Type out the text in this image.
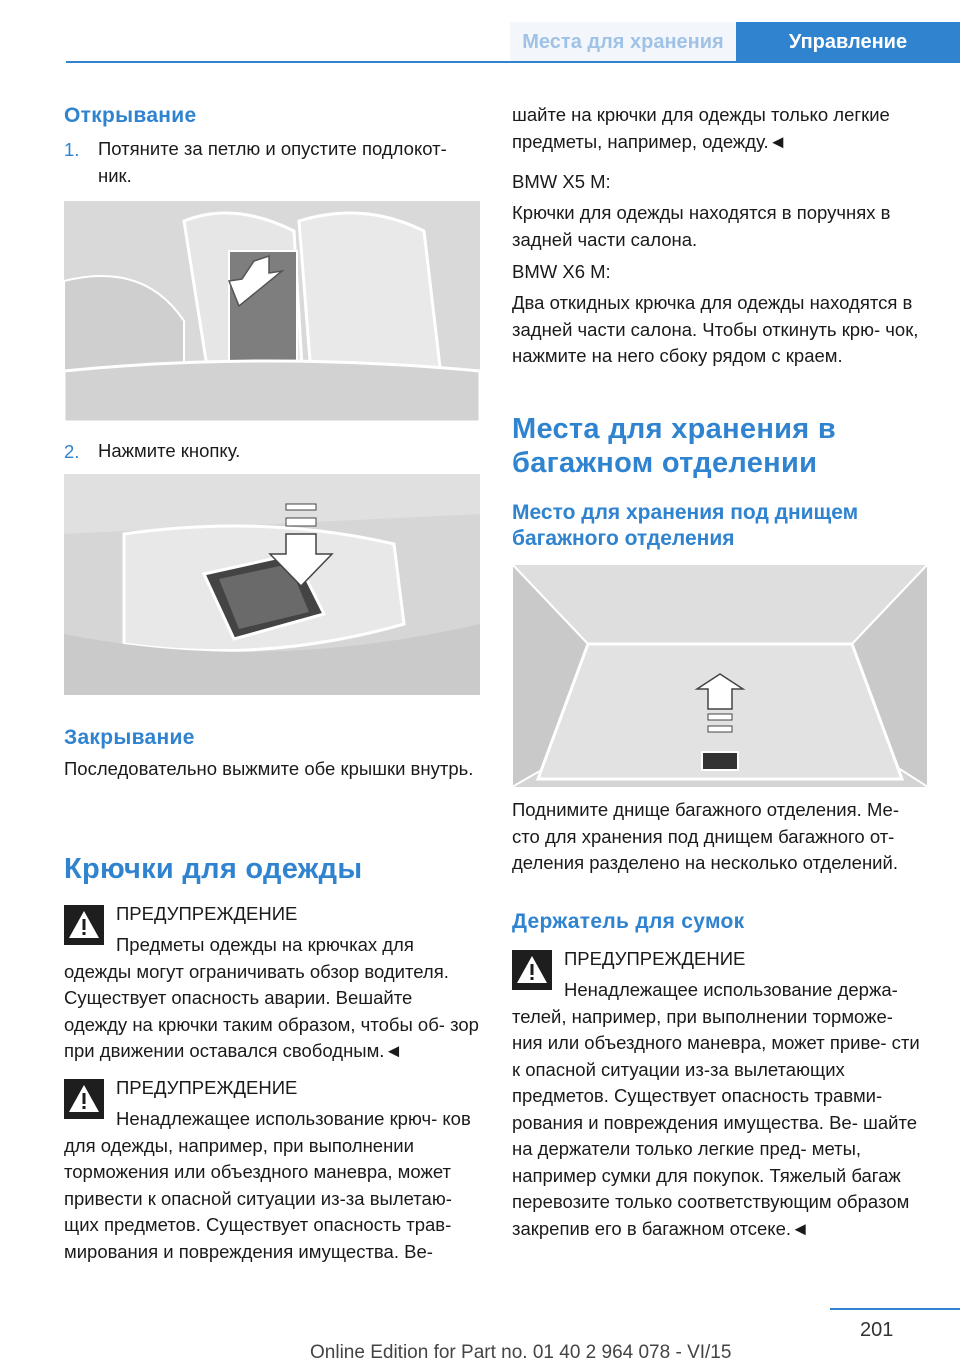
Места для хранения	Управление
Открывание
1. Потяните за петлю и опустите подлокот‐ ник.
2. Нажмите кнопку.
Закрывание
Последовательно выжмите обе крышки внутрь.
Крючки для одежды
ПРЕДУПРЕЖДЕНИЕ
Предметы одежды на крючках для одежды могут ограничивать обзор водителя. Существует опасность аварии. Вешайте одежду на крючки таким образом, чтобы об‐ зор при движении оставался свободным.◄
ПРЕДУПРЕЖДЕНИЕ
Ненадлежащее использование крюч‐ ков для одежды, например, при выполнении торможения или объездного маневра, может привести к опасной ситуации из-за вылетаю‐ щих предметов. Существует опасность трав‐ мирования и повреждения имущества. Ве‐
шайте на крючки для одежды только легкие предметы, например, одежду.◄
BMW X5 M:
Крючки для одежды находятся в поручнях в задней части салона.
BMW X6 M:
Два откидных крючка для одежды находятся в задней части салона. Чтобы откинуть крю‐ чок, нажмите на него сбоку рядом с краем.
Места для хранения в багажном отделении
Место для хранения под днищем багажного отделения
Поднимите днище багажного отделения. Ме‐ сто для хранения под днищем багажного от‐ деления разделено на несколько отделений.
Держатель для сумок
ПРЕДУПРЕЖДЕНИЕ
Ненадлежащее использование держа‐ телей, например, при выполнении торможе‐ ния или объездного маневра, может приве‐ сти к опасной ситуации из-за вылетающих предметов. Существует опасность травми‐ рования и повреждения имущества. Ве‐ шайте на держатели только легкие пред‐ меты, например сумки для покупок. Тяжелый багаж перевозите только соответствующим образом закрепив его в багажном отсеке.◄
201
Online Edition for Part no. 01 40 2 964 078 - VI/15
